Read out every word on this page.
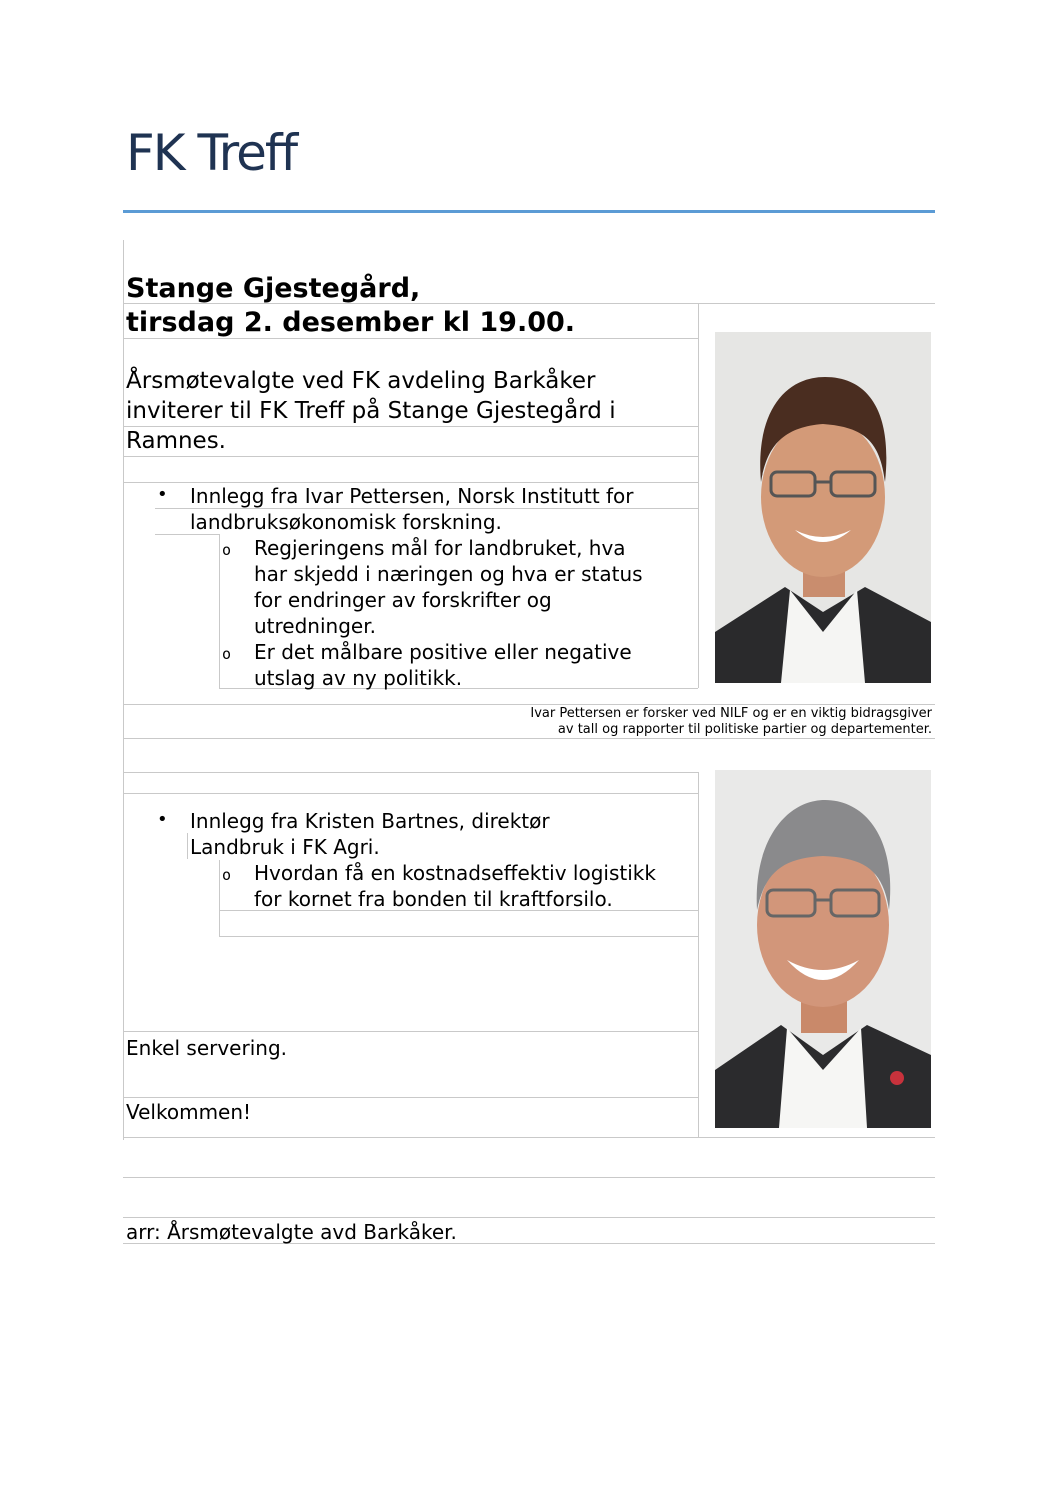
FK Treff
Stange Gjestegård,
tirsdag 2. desember kl 19.00.
Årsmøtevalgte ved FK avdeling Barkåker
inviterer til FK Treff på Stange Gjestegård i
Ramnes.
• Innlegg fra Ivar Pettersen, Norsk Institutt for
landbruksøkonomisk forskning.
o Regjeringens mål for landbruket, hva
har skjedd i næringen og hva er status
for endringer av forskrifter og
utredninger.
o Er det målbare positive eller negative
utslag av ny politikk.
Ivar Pettersen er forsker ved NILF og er en viktig bidragsgiver
av tall og rapporter til politiske partier og departementer.
• Innlegg fra Kristen Bartnes, direktør
Landbruk i FK Agri.
o Hvordan få en kostnadseffektiv logistikk
for kornet fra bonden til kraftforsilo.
Enkel servering.
Velkommen!
arr: Årsmøtevalgte avd Barkåker.
